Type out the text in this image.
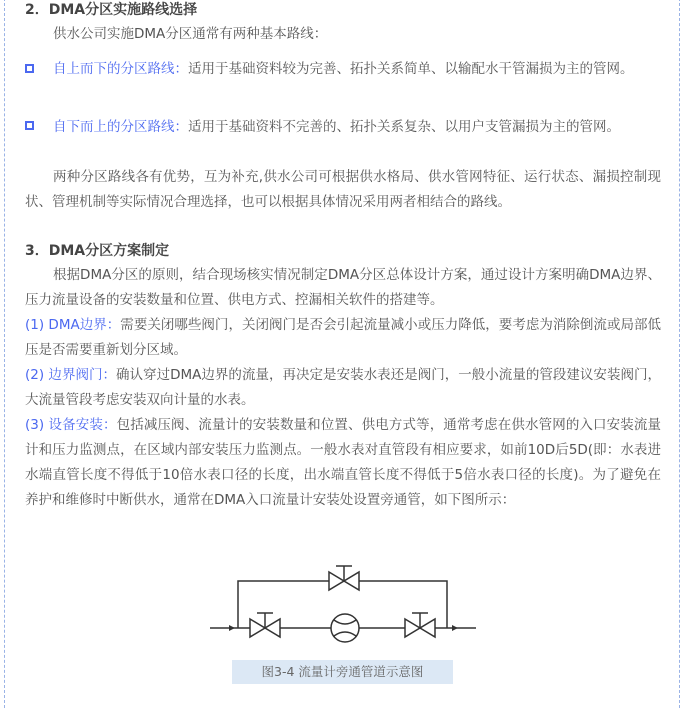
2．DMA分区实施路线选择
供水公司实施DMA分区通常有两种基本路线：
自上而下的分区路线：适用于基础资料较为完善、拓扑关系简单、以输配水干管漏损为主的管网。
自下而上的分区路线：适用于基础资料不完善的、拓扑关系复杂、以用户支管漏损为主的管网。
两种分区路线各有优势，互为补充,供水公司可根据供水格局、供水管网特征、运行状态、漏损控制现状、管理机制等实际情况合理选择，也可以根据具体情况采用两者相结合的路线。
3．DMA分区方案制定
根据DMA分区的原则，结合现场核实情况制定DMA分区总体设计方案，通过设计方案明确DMA边界、压力流量设备的安装数量和位置、供电方式、控漏相关软件的搭建等。
(1) DMA边界：需要关闭哪些阀门，关闭阀门是否会引起流量减小或压力降低，要考虑为消除倒流或局部低压是否需要重新划分区域。
(2) 边界阀门：确认穿过DMA边界的流量，再决定是安装水表还是阀门，一般小流量的管段建议安装阀门，大流量管段考虑安装双向计量的水表。
(3) 设备安装：包括减压阀、流量计的安装数量和位置、供电方式等，通常考虑在供水管网的入口安装流量计和压力监测点，在区域内部安装压力监测点。一般水表对直管段有相应要求，如前10D后5D(即：水表进水端直管长度不得低于10倍水表口径的长度，出水端直管长度不得低于5倍水表口径的长度)。为了避免在养护和维修时中断供水，通常在DMA入口流量计安装处设置旁通管，如下图所示：
图3-4 流量计旁通管道示意图
